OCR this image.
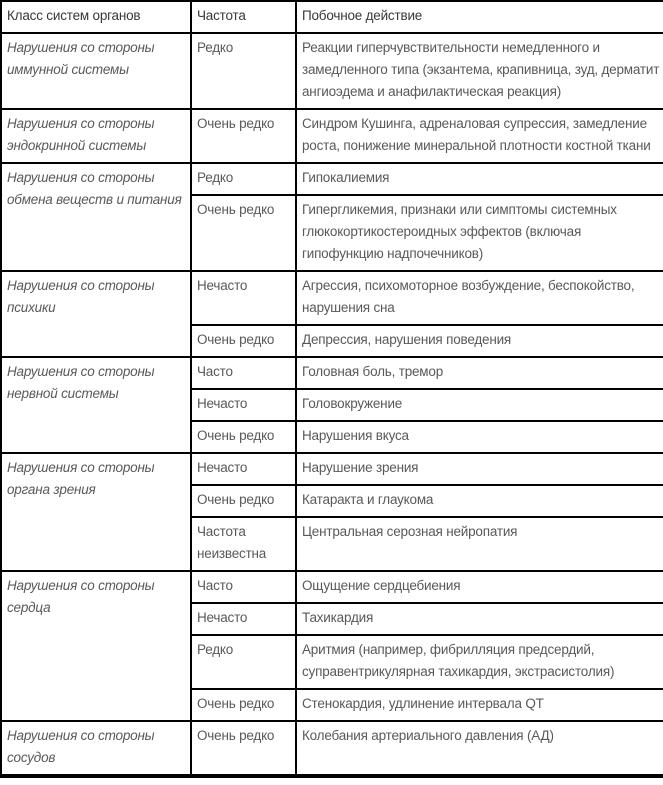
Класс систем органов	Частота	Побочное действие
Нарушения со стороны иммунной системы	Редко	Реакции гиперчувствительности немедленного и замедленного типа (экзантема, крапивница, зуд, дерматит ангиоэдема и анафилактическая реакция)
Нарушения со стороны эндокринной системы	Очень редко	Синдром Кушинга, адреналовая супрессия, замедление роста, понижение минеральной плотности костной ткани
Нарушения со стороны обмена веществ и питания	Редко	Гипокалиемия
	Очень редко	Гипергликемия, признаки или симптомы системных глюкокортикостероидных эффектов (включая гипофункцию надпочечников)
Нарушения со стороны психики	Нечасто	Агрессия, психомоторное возбуждение, беспокойство, нарушения сна
	Очень редко	Депрессия, нарушения поведения
Нарушения со стороны нервной системы	Часто	Головная боль, тремор
	Нечасто	Головокружение
	Очень редко	Нарушения вкуса
Нарушения со стороны органа зрения	Нечасто	Нарушение зрения
	Очень редко	Катаракта и глаукома
	Частота неизвестна	Центральная серозная нейропатия
Нарушения со стороны сердца	Часто	Ощущение сердцебиения
	Нечасто	Тахикардия
	Редко	Аритмия (например, фибрилляция предсердий, суправентрикулярная тахикардия, экстрасистолия)
	Очень редко	Стенокардия, удлинение интервала QT
Нарушения со стороны сосудов	Очень редко	Колебания артериального давления (АД)
